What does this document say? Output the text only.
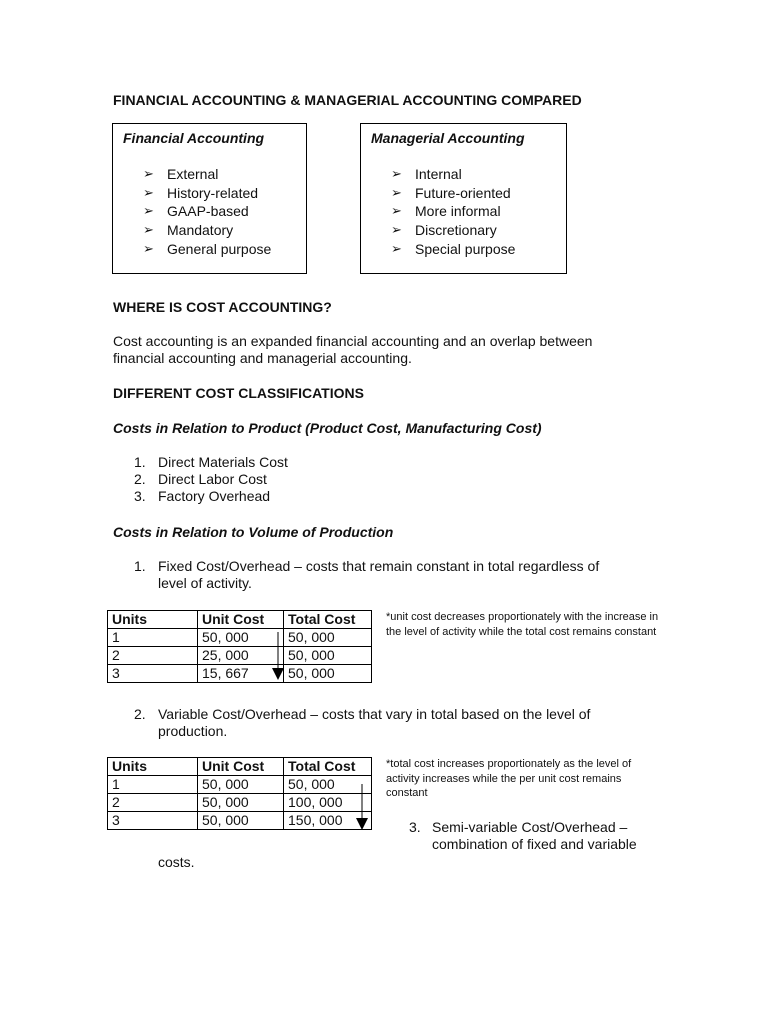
FINANCIAL ACCOUNTING & MANAGERIAL ACCOUNTING COMPARED
Financial Accounting
➢ External
➢ History-related
➢ GAAP-based
➢ Mandatory
➢ General purpose
Managerial Accounting
➢ Internal
➢ Future-oriented
➢ More informal
➢ Discretionary
➢ Special purpose
WHERE IS COST ACCOUNTING?
Cost accounting is an expanded financial accounting and an overlap between
financial accounting and managerial accounting.
DIFFERENT COST CLASSIFICATIONS
Costs in Relation to Product (Product Cost, Manufacturing Cost)
1. Direct Materials Cost
2. Direct Labor Cost
3. Factory Overhead
Costs in Relation to Volume of Production
1. Fixed Cost/Overhead – costs that remain constant in total regardless of
level of activity.
Units	Unit Cost	Total Cost
1	50, 000	50, 000
2	25, 000	50, 000
3	15, 667	50, 000
*unit cost decreases proportionately with the increase in the level of activity while the total cost remains constant
2. Variable Cost/Overhead – costs that vary in total based on the level of
production.
Units	Unit Cost	Total Cost
1	50, 000	50, 000
2	50, 000	100, 000
3	50, 000	150, 000
*total cost increases proportionately as the level of activity increases while the per unit cost remains constant
3. Semi-variable Cost/Overhead –
combination of fixed and variable
costs.
